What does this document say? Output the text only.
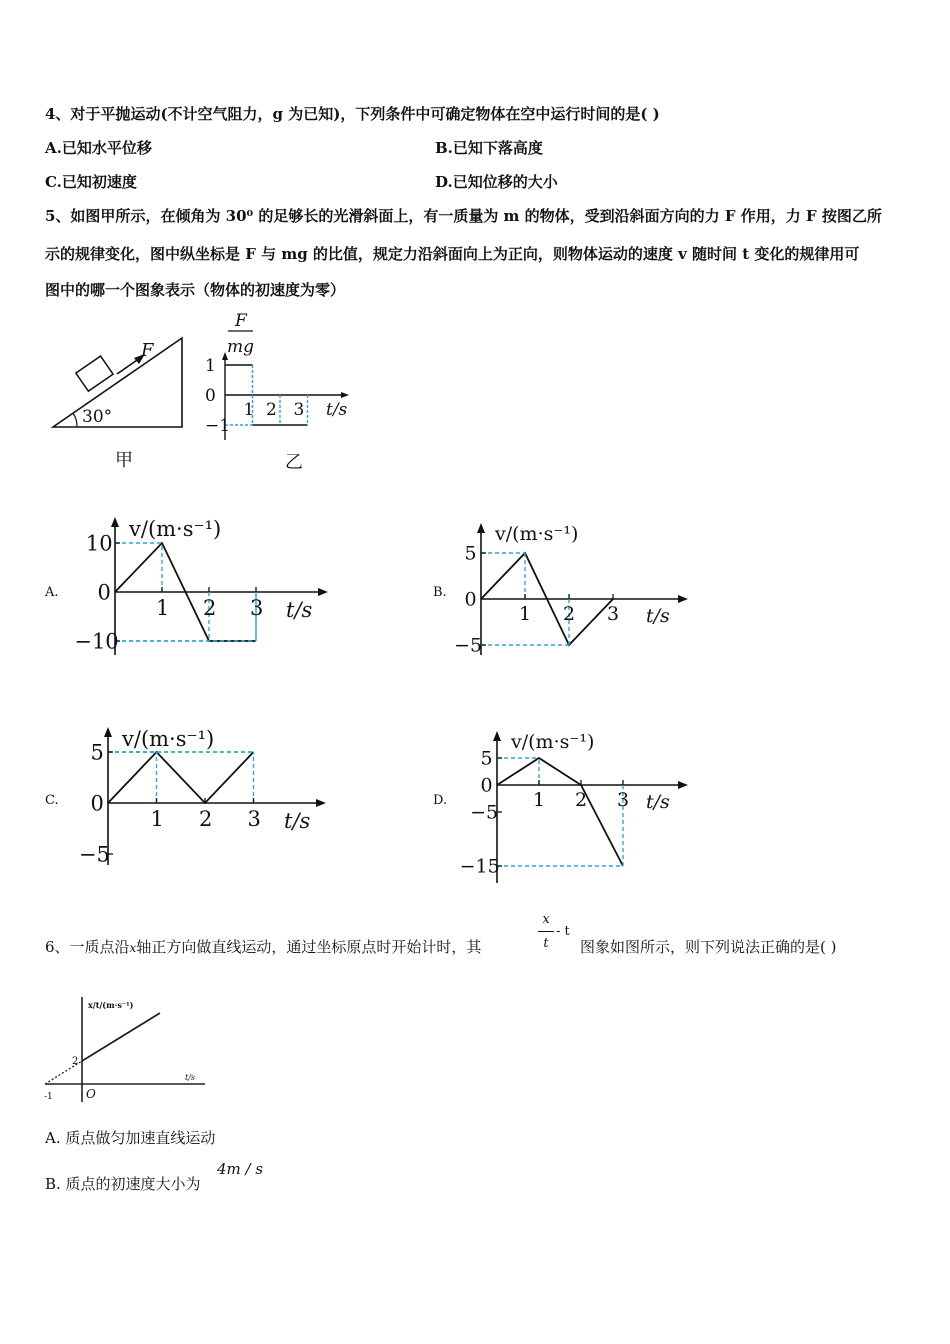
4、对于平抛运动(不计空气阻力，g 为已知)，下列条件中可确定物体在空中运行时间的是( )
A.已知水平位移	B.已知下落高度
C.已知初速度	D.已知位移的大小
5、如图甲所示，在倾角为 30⁰ 的足够长的光滑斜面上，有一质量为 m 的物体，受到沿斜面方向的力 F 作用，力 F 按图乙所
示的规律变化，图中纵坐标是 F 与 mg 的比值，规定力沿斜面向上为正向，则物体运动的速度 v 随时间 t 变化的规律用可
图中的哪一个图象表示（物体的初速度为零）
F
30°
甲
F
mg
乙
1
0
−1
1 2 3 t/s
A.
10
0
−10
1 2 3 t/s
v/(m·s⁻¹)
B.
5
0
−5
1 2 3 t/s
v/(m·s⁻¹)
C.
5
0
−5
1 2 3 t/s
v/(m·s⁻¹)
D.
5
0
−5
−15
1 2 3 t/s
v/(m·s⁻¹)
6、一质点沿x轴正方向做直线运动，通过坐标原点时开始计时，其
x
t
- t
图象如图所示，则下列说法正确的是( )
x/t/(m·s⁻¹)
t/s
2
-1	O
A. 质点做匀加速直线运动
B. 质点的初速度大小为
4m / s
